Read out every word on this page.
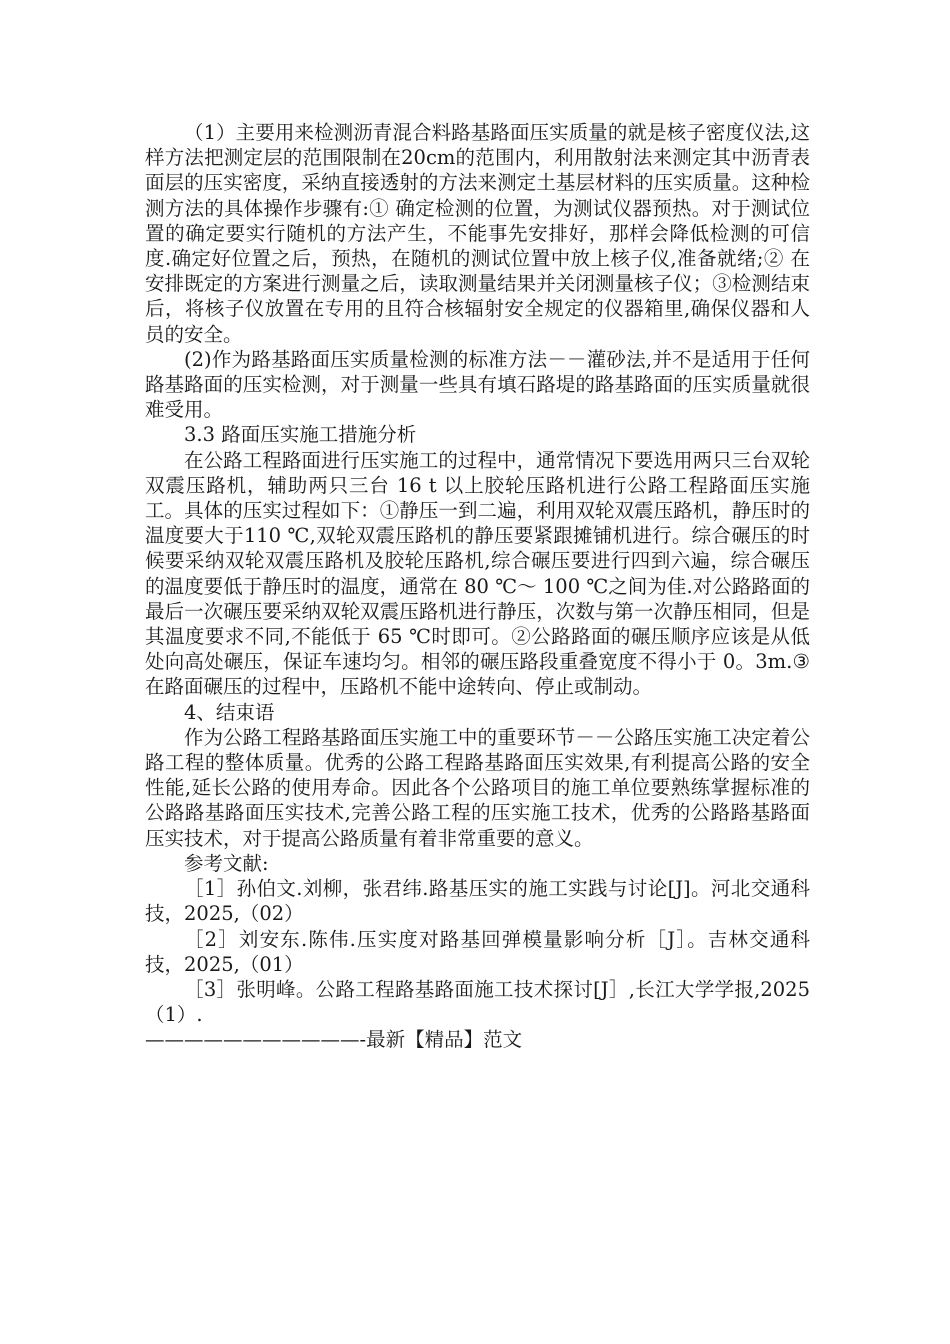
（1）主要用来检测沥青混合料路基路面压实质量的就是核子密度仪法,这样方法把测定层的范围限制在20cm的范围内，利用散射法来测定其中沥青表面层的压实密度，采纳直接透射的方法来测定土基层材料的压实质量。这种检测方法的具体操作步骤有:① 确定检测的位置，为测试仪器预热。对于测试位置的确定要实行随机的方法产生，不能事先安排好，那样会降低检测的可信度.确定好位置之后，预热，在随机的测试位置中放上核子仪,准备就绪;② 在安排既定的方案进行测量之后，读取测量结果并关闭测量核子仪；③检测结束后，将核子仪放置在专用的且符合核辐射安全规定的仪器箱里,确保仪器和人员的安全。

(2)作为路基路面压实质量检测的标准方法－－灌砂法,并不是适用于任何路基路面的压实检测，对于测量一些具有填石路堤的路基路面的压实质量就很难受用。

3.3 路面压实施工措施分析

在公路工程路面进行压实施工的过程中，通常情况下要选用两只三台双轮双震压路机，辅助两只三台 16 t 以上胶轮压路机进行公路工程路面压实施工。具体的压实过程如下：①静压一到二遍，利用双轮双震压路机，静压时的温度要大于110 ℃,双轮双震压路机的静压要紧跟摊铺机进行。综合碾压的时候要采纳双轮双震压路机及胶轮压路机,综合碾压要进行四到六遍，综合碾压的温度要低于静压时的温度，通常在 80 ℃～ 100 ℃之间为佳.对公路路面的最后一次碾压要采纳双轮双震压路机进行静压，次数与第一次静压相同，但是其温度要求不同,不能低于 65 ℃时即可。②公路路面的碾压顺序应该是从低处向高处碾压，保证车速均匀。相邻的碾压路段重叠宽度不得小于 0。3m.③ 在路面碾压的过程中，压路机不能中途转向、停止或制动。

4、结束语

作为公路工程路基路面压实施工中的重要环节－－公路压实施工决定着公路工程的整体质量。优秀的公路工程路基路面压实效果,有利提高公路的安全性能,延长公路的使用寿命。因此各个公路项目的施工单位要熟练掌握标准的公路路基路面压实技术,完善公路工程的压实施工技术，优秀的公路路基路面压实技术，对于提高公路质量有着非常重要的意义。

参考文献:

［1］孙伯文.刘柳，张君纬.路基压实的施工实践与讨论[J]。河北交通科技，2025,（02）

［2］刘安东.陈伟.压实度对路基回弹模量影响分析［J］。吉林交通科技，2025,（01）

［3］张明峰。公路工程路基路面施工技术探讨[J］,长江大学学报,2025（1）.

———————————-最新【精品】范文
